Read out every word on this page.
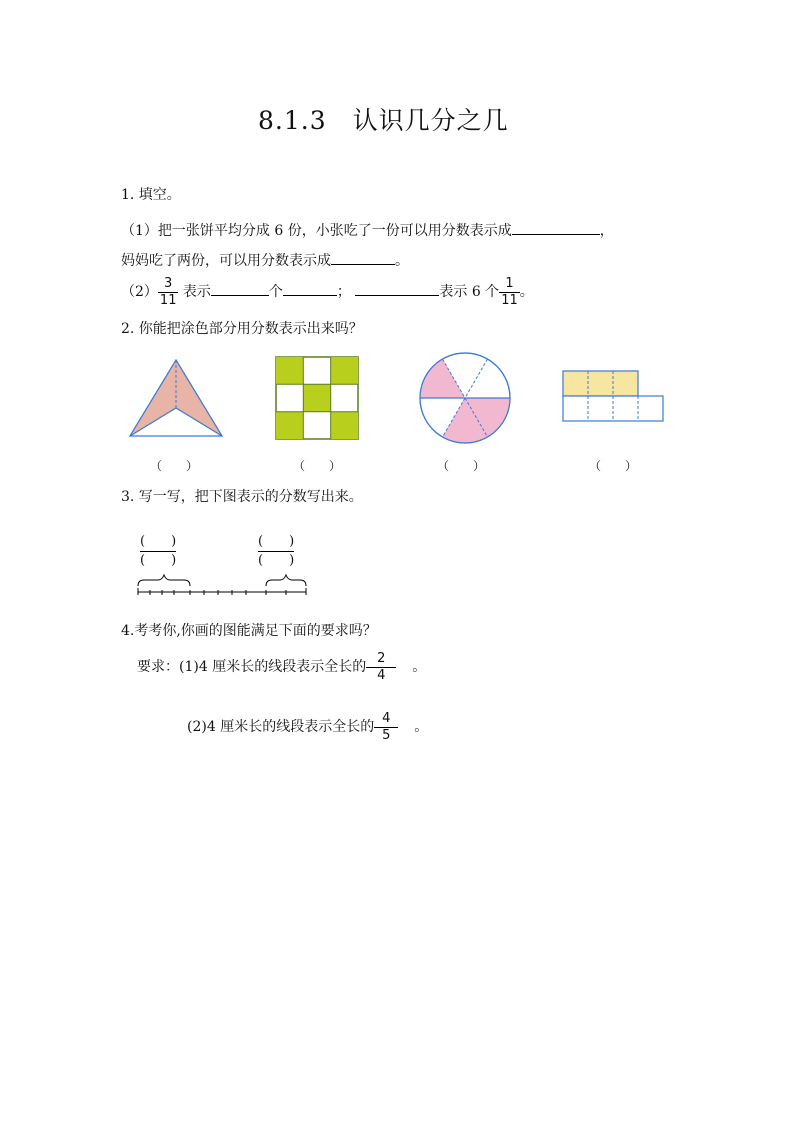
8.1.3　认识几分之几
1. 填空。
（1）把一张饼平均分成 6 份，小张吃了一份可以用分数表示成	，
妈妈吃了两份，可以用分数表示成	。
$(2) \frac{3}{11}$ 表示	个	；	表示 6 个 $\frac{1}{11}$ 。
2. 你能把涂色部分用分数表示出来吗？
（　　）	（　　）	（　　）	（　　）
3. 写一写，把下图表示的分数写出来。
(　　)
(　　)
(　　)
(　　)
4.考考你,你画的图能满足下面的要求吗？
要求：(1)4 厘米长的线段表示全长的 $\frac{2}{4}$ 。
(2)4 厘米长的线段表示全长的 $\frac{4}{5}$ 。
